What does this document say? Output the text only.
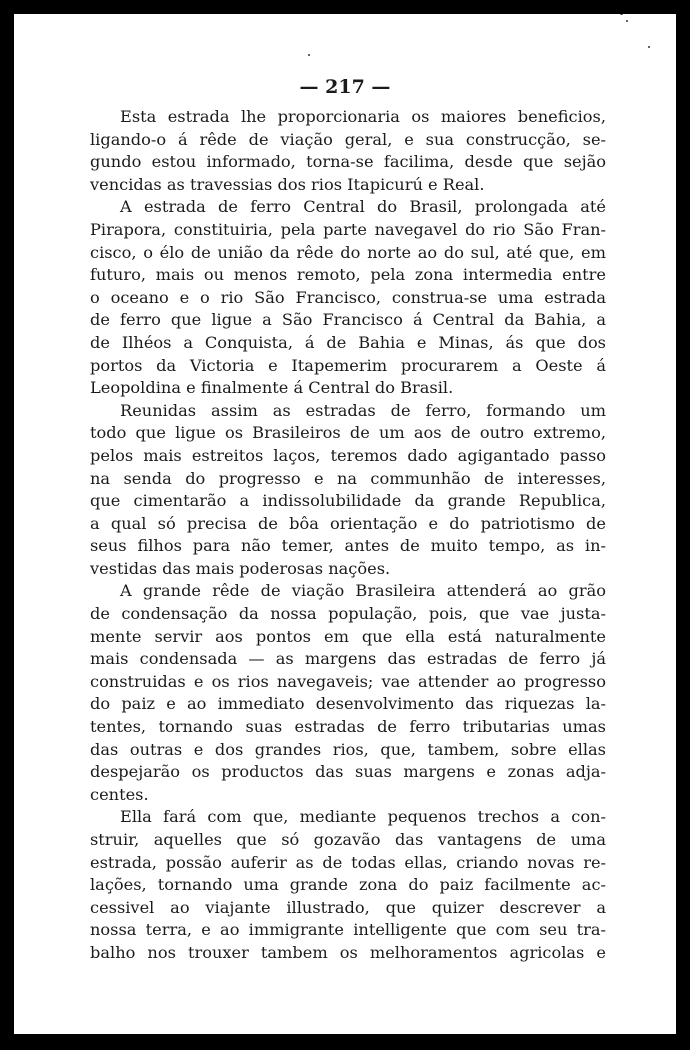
— 217 —
Esta estrada lhe proporcionaria os maiores beneficios,
ligando-o á rêde de viação geral, e sua construcção, se-
gundo estou informado, torna-se facilima, desde que sejão
vencidas as travessias dos rios Itapicurú e Real.
A estrada de ferro Central do Brasil, prolongada até
Pirapora, constituiria, pela parte navegavel do rio São Fran-
cisco, o élo de união da rêde do norte ao do sul, até que, em
futuro, mais ou menos remoto, pela zona intermedia entre
o oceano e o rio São Francisco, construa-se uma estrada
de ferro que ligue a São Francisco á Central da Bahia, a
de Ilhéos a Conquista, á de Bahia e Minas, ás que dos
portos da Victoria e Itapemerim procurarem a Oeste á
Leopoldina e finalmente á Central do Brasil.
Reunidas assim as estradas de ferro, formando um
todo que ligue os Brasileiros de um aos de outro extremo,
pelos mais estreitos laços, teremos dado agigantado passo
na senda do progresso e na communhão de interesses,
que cimentarão a indissolubilidade da grande Republica,
a qual só precisa de bôa orientação e do patriotismo de
seus filhos para não temer, antes de muito tempo, as in-
vestidas das mais poderosas nações.
A grande rêde de viação Brasileira attenderá ao grão
de condensação da nossa população, pois, que vae justa-
mente servir aos pontos em que ella está naturalmente
mais condensada — as margens das estradas de ferro já
construidas e os rios navegaveis; vae attender ao progresso
do paiz e ao immediato desenvolvimento das riquezas la-
tentes, tornando suas estradas de ferro tributarias umas
das outras e dos grandes rios, que, tambem, sobre ellas
despejarão os productos das suas margens e zonas adja-
centes.
Ella fará com que, mediante pequenos trechos a con-
struir, aquelles que só gozavão das vantagens de uma
estrada, possão auferir as de todas ellas, criando novas re-
lações, tornando uma grande zona do paiz facilmente ac-
cessivel ao viajante illustrado, que quizer descrever a
nossa terra, e ao immigrante intelligente que com seu tra-
balho nos trouxer tambem os melhoramentos agricolas e
